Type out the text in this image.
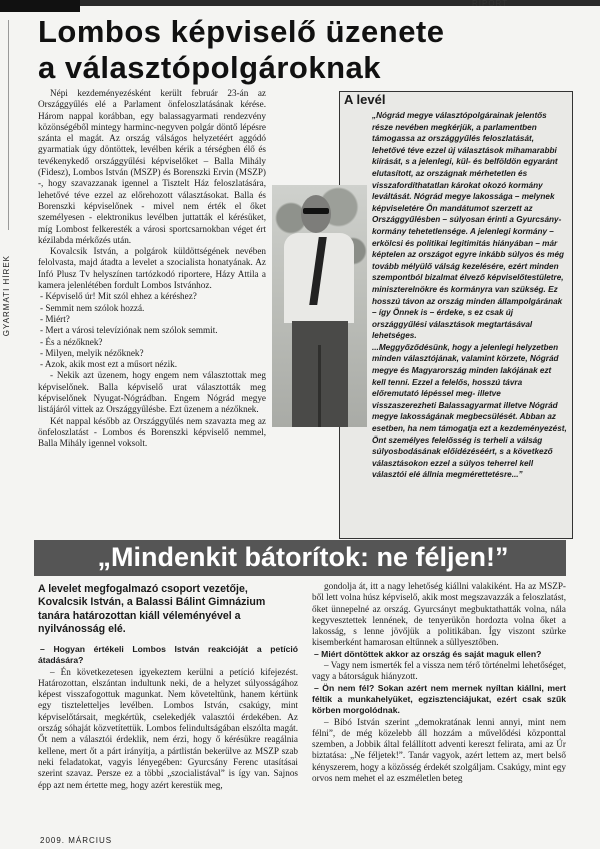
RIPORT
GYARMATI HÍREK
Lombos képviselő üzenete
a választópolgároknak

Népi kezdeményezésként került február 23-án az Országgyűlés elé a Parlament önfeloszlatásának kérése. Három nappal korábban, egy balassagyarmati rendezvény közönségéből mintegy harminc-negyven polgár döntő lépésre szánta el magát. Az ország válságos helyzetéért aggódó gyarmatiak úgy döntöttek, levélben kérik a térségben élő és tevékenykedő országgyűlési képviselőket – Balla Mihály (Fidesz), Lombos István (MSZP) és Borenszki Ervin (MSZP) -, hogy szavazzanak igennel a Tisztelt Ház feloszlatására, lehetővé téve ezzel az előrehozott választásokat. Balla és Borenszki képviselőnek - mivel nem érték el őket személyesen - elektronikus levélben juttatták el kérésüket, míg Lombost felkeresték a városi sportcsarnokban véget ért kézilabda mérkőzés után.

Kovalcsik István, a polgárok küldöttségének nevében felolvasta, majd átadta a levelet a szocialista honatyának. Az Infó Plusz Tv helyszínen tartózkodó riportere, Házy Attila a kamera jelenlétében fordult Lombos Istvánhoz.

- Képviselő úr! Mit szól ehhez a kéréshez?

- Semmit nem szólok hozzá.

- Miért?

- Mert a városi televíziónak nem szólok semmit.

- És a nézőknek?

- Milyen, melyik nézőknek?

- Azok, akik most ezt a műsort nézik.

- Nekik azt üzenem, hogy engem nem választottak meg képviselőnek. Balla képviselő urat választották meg képviselőnek Nyugat-Nógrádban. Engem Nógrád megye listájáról vittek az Országgyűlésbe. Ezt üzenem a nézőknek.

Két nappal később az Országgyűlés nem szavazta meg az önfeloszlatást - Lombos és Borenszki képviselő nemmel, Balla Mihály igennel voksolt.

A levél

„Nógrád megye választópolgárainak jelentős része nevében megkérjük, a parlamentben támogassa az országgyűlés feloszlatását, lehetővé téve ezzel új választások mihamarabbi kiírását, s a jelenlegi, kül- és belföldön egyaránt elutasított, az országnak mérhetetlen és visszafordíthatatlan károkat okozó kormány leváltását. Nógrád megye lakossága – melynek képviseletére Ön mandátumot szerzett az Országgyűlésben – súlyosan érinti a Gyurcsány-kormány tehetetlensége. A jelenlegi kormány – erkölcsi és politikai legitimitás hiányában – már képtelen az országot egyre inkább súlyos és még tovább mélyülő válság kezelésére, ezért minden szempontból bizalmat élvező képviselőtestületre, miniszterelnökre és kormányra van szükség. Ez hosszú távon az ország minden állampolgárának – így Önnek is – érdeke, s ez csak új országgyűlési választások megtartásával lehetséges.

...Meggyőződésünk, hogy a jelenlegi helyzetben minden választójának, valamint körzete, Nógrád megye és Magyarország minden lakójának ezt kell tenni. Ezzel a felelős, hosszú távra előremutató lépéssel meg- illetve visszaszerezheti Balassagyarmat illetve Nógrád megye lakosságának megbecsülését. Abban az esetben, ha nem támogatja ezt a kezdeményezést, Önt személyes felelősség is terheli a válság súlyosbodásának előidézéséért, s a következő választásokon ezzel a súlyos teherrel kell választói elé állnia megmérettetésre...”

„Mindenkit bátorítok: ne féljen!”

A levelet megfogalmazó csoport vezetője, Kovalcsik István, a Balassi Bálint Gimnázium tanára határozottan kiáll véleményével a nyilvánosság elé.

– Hogyan értékeli Lombos István reakcióját a petíció átadására?

– Én következetesen igyekeztem kerülni a petíció kifejezést. Határozottan, elszántan indultunk neki, de a helyzet súlyosságához képest visszafogottuk magunkat. Nem követeltünk, hanem kértünk egy tiszteletteljes levélben. Lombos István, csakúgy, mint képviselőtársait, megkértük, cselekedjék valasztói érdekében. Az ország sóhaját közvetítettük. Lombos felindultságában elszólta magát. Őt nem a választói érdeklik, nem érzi, hogy ő kérésükre reagálnia kellene, mert őt a párt irányítja, a pártlistán bekerülve az MSZP szab neki feladatokat, vagyis lényegében: Gyurcsány Ferenc utasításai szerint szavaz. Persze ez a többi „szocialistával” is így van. Sajnos épp azt nem értette meg, hogy azért kerestük meg,

gondolja át, itt a nagy lehetőség kiállni valakiként. Ha az MSZP-ből lett volna húsz képviselő, akik most megszavazzák a feloszlatást, őket ünnepelné az ország. Gyurcsányt megbuktathatták volna, nála kegyvesztettek lennének, de tenyerükön hordozta volna őket a lakosság, s lenne jövőjük a politikában. Így viszont szürke kisemberként hamarosan eltűnnek a süllyesztőben.

– Miért döntöttek akkor az ország és saját maguk ellen?

– Vagy nem ismerték fel a vissza nem térő történelmi lehetőséget, vagy a bátorságuk hiányzott.

– Ön nem fél? Sokan azért nem mernek nyíltan kiállni, mert féltik a munkahelyüket, egzisztenciájukat, ezért csak szűk körben morgolódnak.

– Bibó István szerint „demokratának lenni annyi, mint nem félni”, de még közelebb áll hozzám a művelődési központtal szemben, a Jobbik által felállított adventi kereszt felirata, ami az Úr biztatása: „Ne féljetek!”. Tanár vagyok, azért lettem az, mert belső kényszerem, hogy a közösség érdekét szolgáljam. Csakúgy, mint egy orvos nem mehet el az eszméletlen beteg

2009. MÁRCIUS
